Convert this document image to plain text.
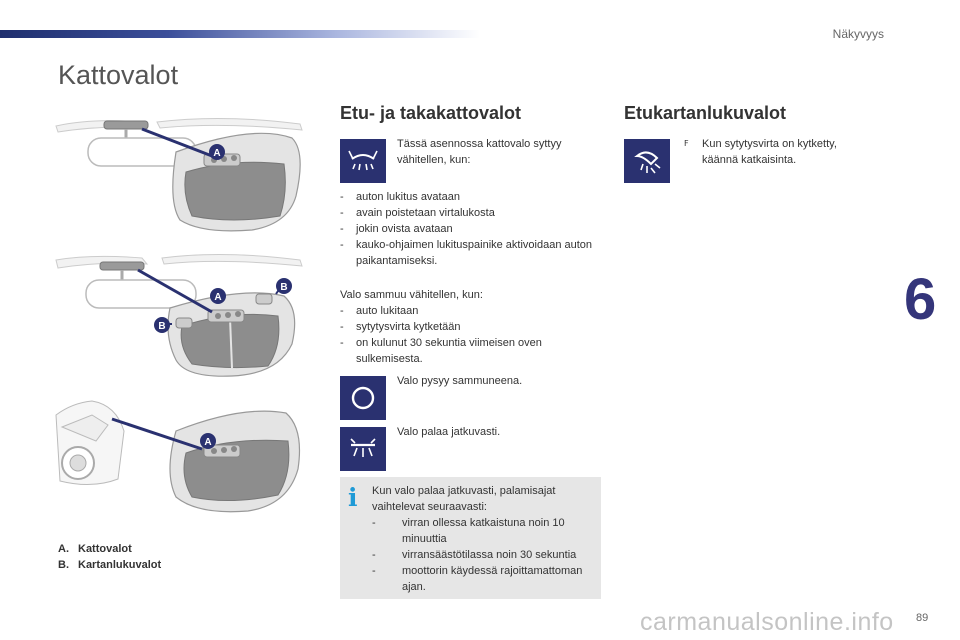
Näkyvyys
6
Kattovalot
A
A
B
B
A
A. Kattovalot
B. Kartanlukuvalot
Etu- ja takakattovalot
Tässä asennossa kattovalo syttyy vähitellen, kun:
- auton lukitus avataan
- avain poistetaan virtalukosta
- jokin ovista avataan
- kauko-ohjaimen lukituspainike aktivoidaan auton paikantamiseksi.
Valo sammuu vähitellen, kun:
- auto lukitaan
- sytytysvirta kytketään
- on kulunut 30 sekuntia viimeisen oven sulkemisesta.
Valo pysyy sammuneena.
Valo palaa jatkuvasti.
i Kun valo palaa jatkuvasti, palamisajat vaihtelevat seuraavasti:
- virran ollessa katkaistuna noin 10 minuuttia
- virransäästötilassa noin 30 sekuntia
- moottorin käydessä rajoittamattoman ajan.
Etukartanlukuvalot
F	Kun sytytysvirta on kytketty, käännä katkaisinta.
carmanualsonline.info 89
